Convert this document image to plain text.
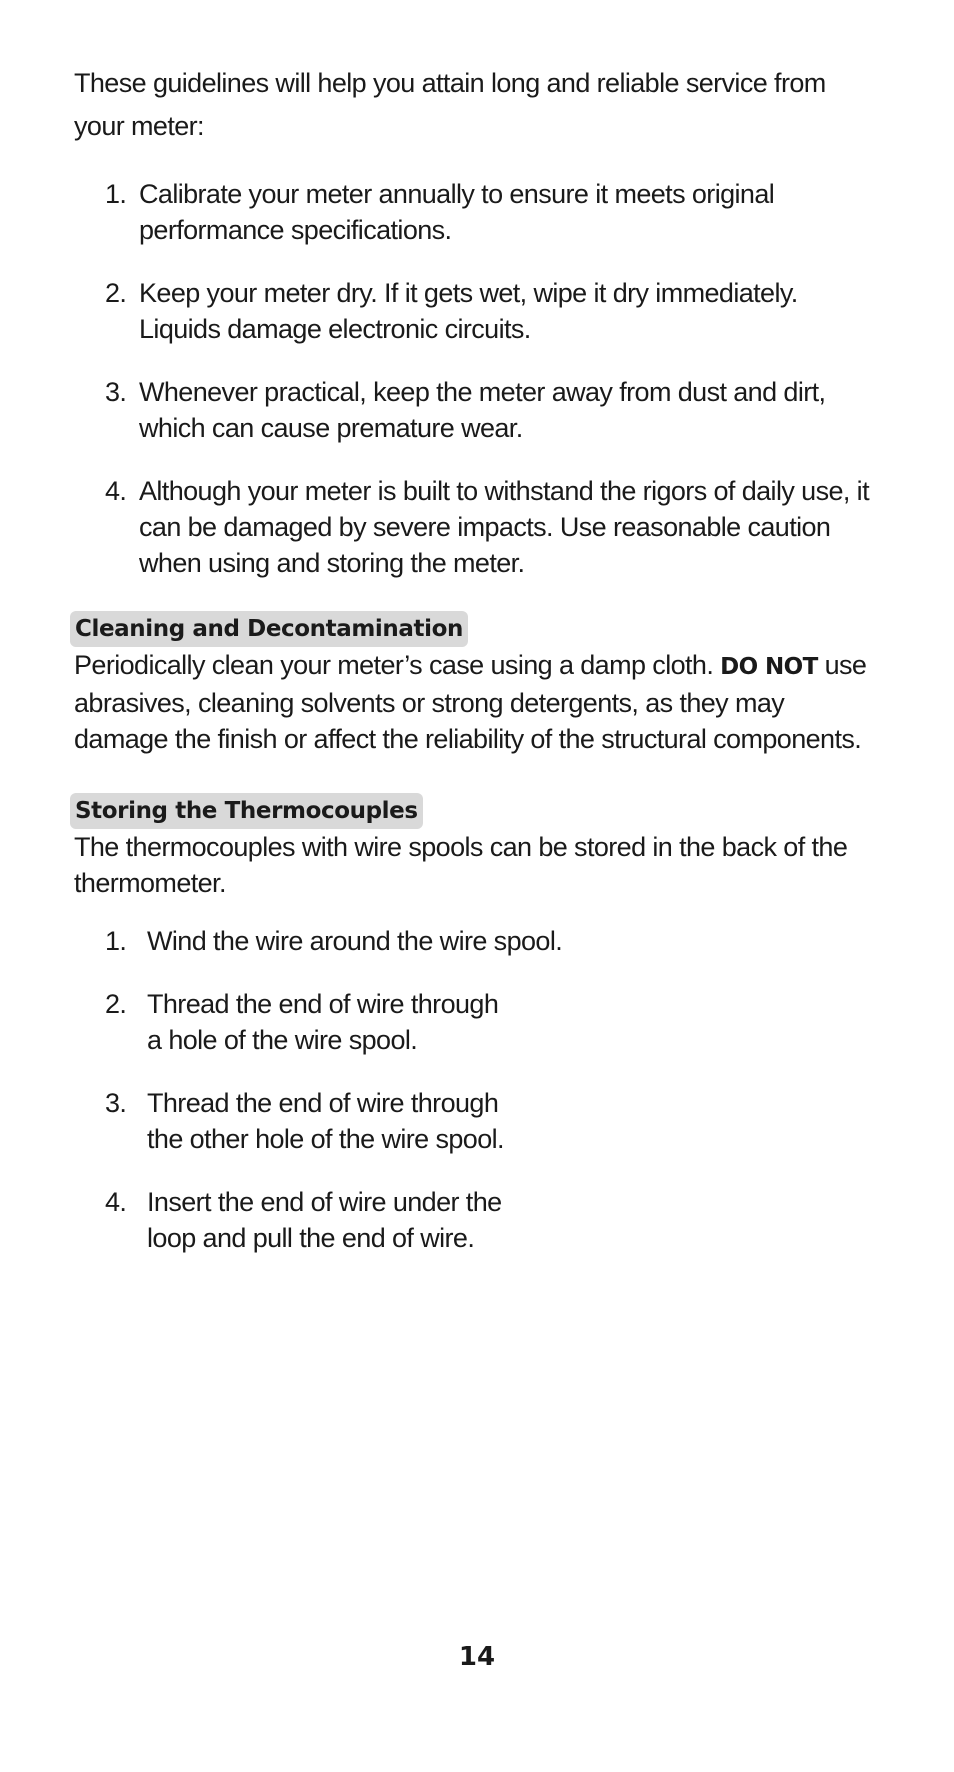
These guidelines will help you attain long and reliable service from your meter:

1. Calibrate your meter annually to ensure it meets original performance specifications.
2. Keep your meter dry. If it gets wet, wipe it dry immediately. Liquids damage electronic circuits.
3. Whenever practical, keep the meter away from dust and dirt, which can cause premature wear.
4. Although your meter is built to withstand the rigors of daily use, it can be damaged by severe impacts. Use reasonable caution when using and storing the meter.
Cleaning and Decontamination

Periodically clean your meter’s case using a damp cloth. DO NOT use abrasives, cleaning solvents or strong detergents, as they may damage the finish or affect the reliability of the structural components.

Storing the Thermocouples

The thermocouples with wire spools can be stored in the back of the thermometer.

1. Wind the wire around the wire spool.
2. Thread the end of wire through
a hole of the wire spool.
3. Thread the end of wire through
the other hole of the wire spool.
4. Insert the end of wire under the
loop and pull the end of wire.
14
